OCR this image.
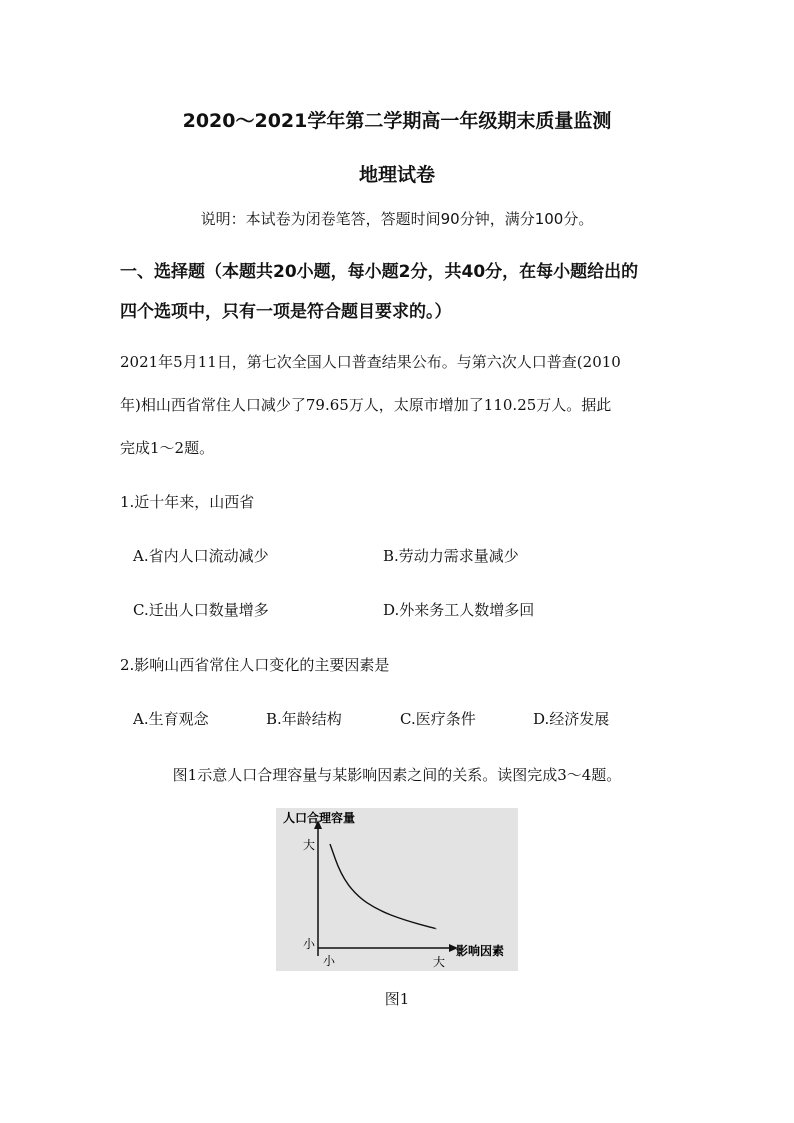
2020～2021学年第二学期高一年级期末质量监测
地理试卷
说明：本试卷为闭卷笔答，答题时间90分钟，满分100分。
一、选择题（本题共20小题，每小题2分，共40分，在每小题给出的
四个选项中，只有一项是符合题目要求的。）
2021年5月11日，第七次全国人口普查结果公布。与第六次人口普查(2010
年)相山西省常住人口减少了79.65万人，太原市增加了110.25万人。据此
完成1～2题。
1.近十年来，山西省
A.省内人口流动减少	B.劳动力需求量减少
C.迁出人口数量增多	D.外来务工人数增多回
2.影响山西省常住人口变化的主要因素是
A.生育观念	B.年龄结构	C.医疗条件	D.经济发展
图1示意人口合理容量与某影响因素之间的关系。读图完成3～4题。
人口合理容量
大
小
小	大
影响因素
图1
